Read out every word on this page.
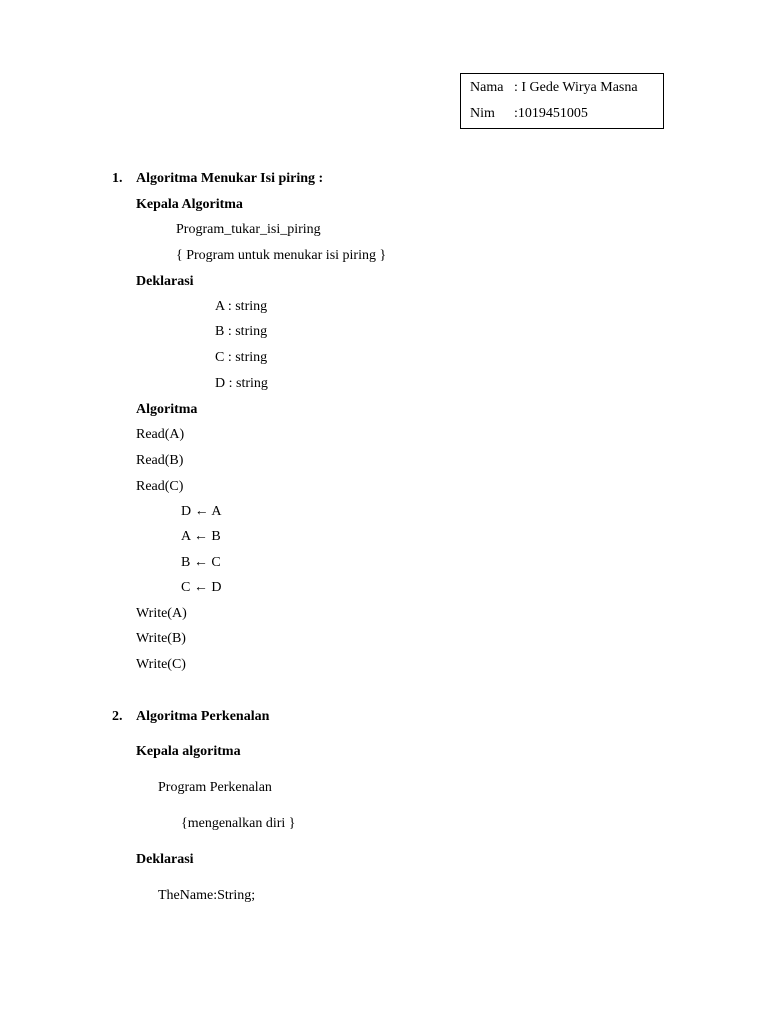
Nama : I Gede Wirya Masna
Nim :1019451005
1. Algoritma Menukar Isi piring :
Kepala Algoritma
Program_tukar_isi_piring
{ Program untuk menukar isi piring }
Deklarasi
A : string
B : string
C : string
D : string
Algoritma
Read(A)
Read(B)
Read(C)
D ← A
A ← B
B ← C
C ← D
Write(A)
Write(B)
Write(C)
2. Algoritma Perkenalan
Kepala algoritma
Program Perkenalan
{mengenalkan diri }
Deklarasi
TheName:String;
